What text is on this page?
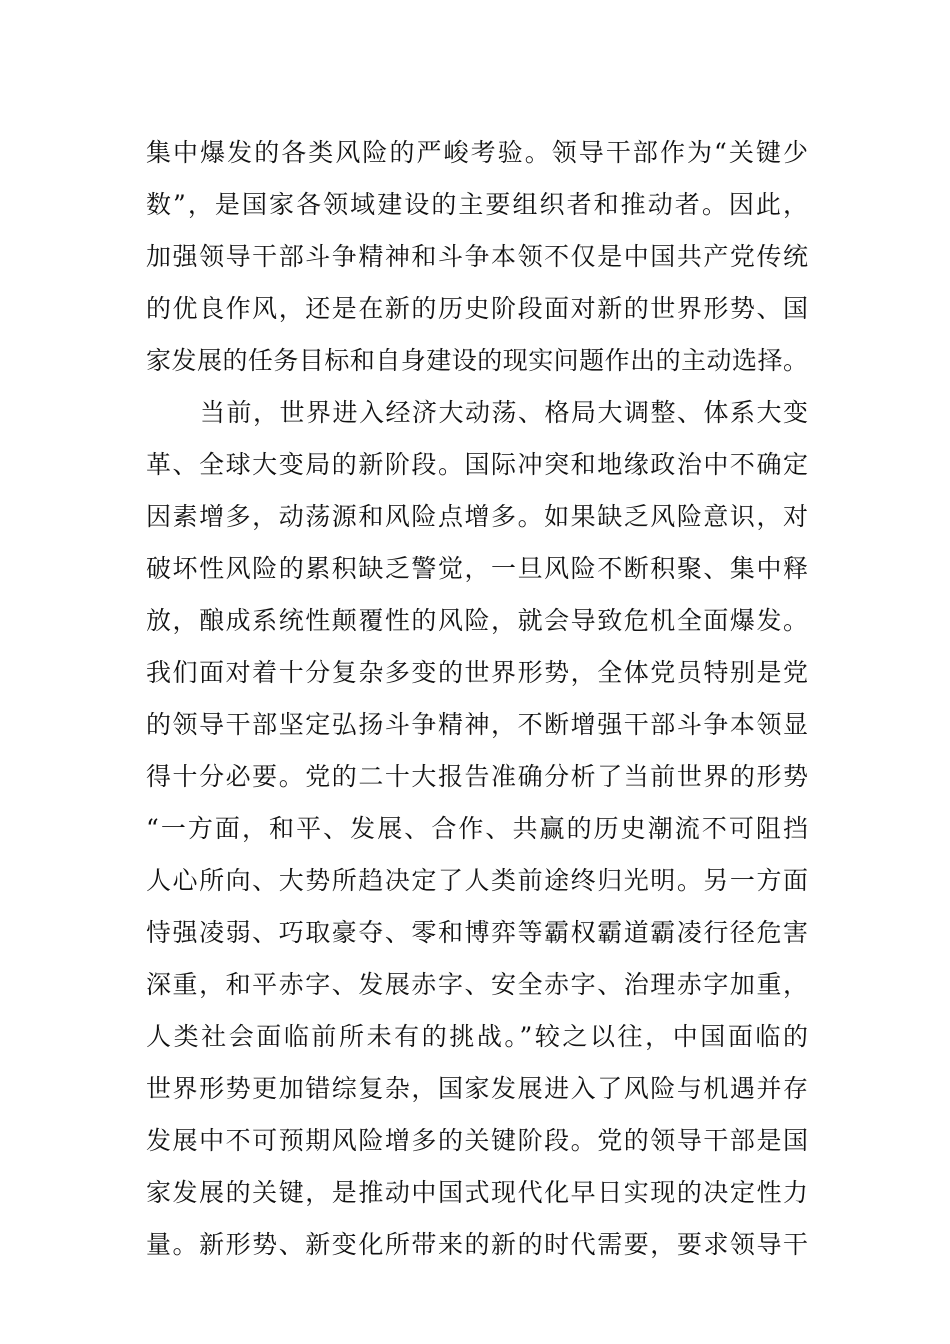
集中爆发的各类风险的严峻考验。领导干部作为“关键少
数”，是国家各领域建设的主要组织者和推动者。因此，
加强领导干部斗争精神和斗争本领不仅是中国共产党传统
的优良作风，还是在新的历史阶段面对新的世界形势、国
家发展的任务目标和自身建设的现实问题作出的主动选择。
当前，世界进入经济大动荡、格局大调整、体系大变
革、全球大变局的新阶段。国际冲突和地缘政治中不确定
因素增多，动荡源和风险点增多。如果缺乏风险意识，对
破坏性风险的累积缺乏警觉，一旦风险不断积聚、集中释
放，酿成系统性颠覆性的风险，就会导致危机全面爆发。
我们面对着十分复杂多变的世界形势，全体党员特别是党
的领导干部坚定弘扬斗争精神，不断增强干部斗争本领显
得十分必要。党的二十大报告准确分析了当前世界的形势
“一方面，和平、发展、合作、共赢的历史潮流不可阻挡
人心所向、大势所趋决定了人类前途终归光明。另一方面
恃强凌弱、巧取豪夺、零和博弈等霸权霸道霸凌行径危害
深重，和平赤字、发展赤字、安全赤字、治理赤字加重，
人类社会面临前所未有的挑战。”较之以往，中国面临的
世界形势更加错综复杂，国家发展进入了风险与机遇并存
发展中不可预期风险增多的关键阶段。党的领导干部是国
家发展的关键，是推动中国式现代化早日实现的决定性力
量。新形势、新变化所带来的新的时代需要，要求领导干
